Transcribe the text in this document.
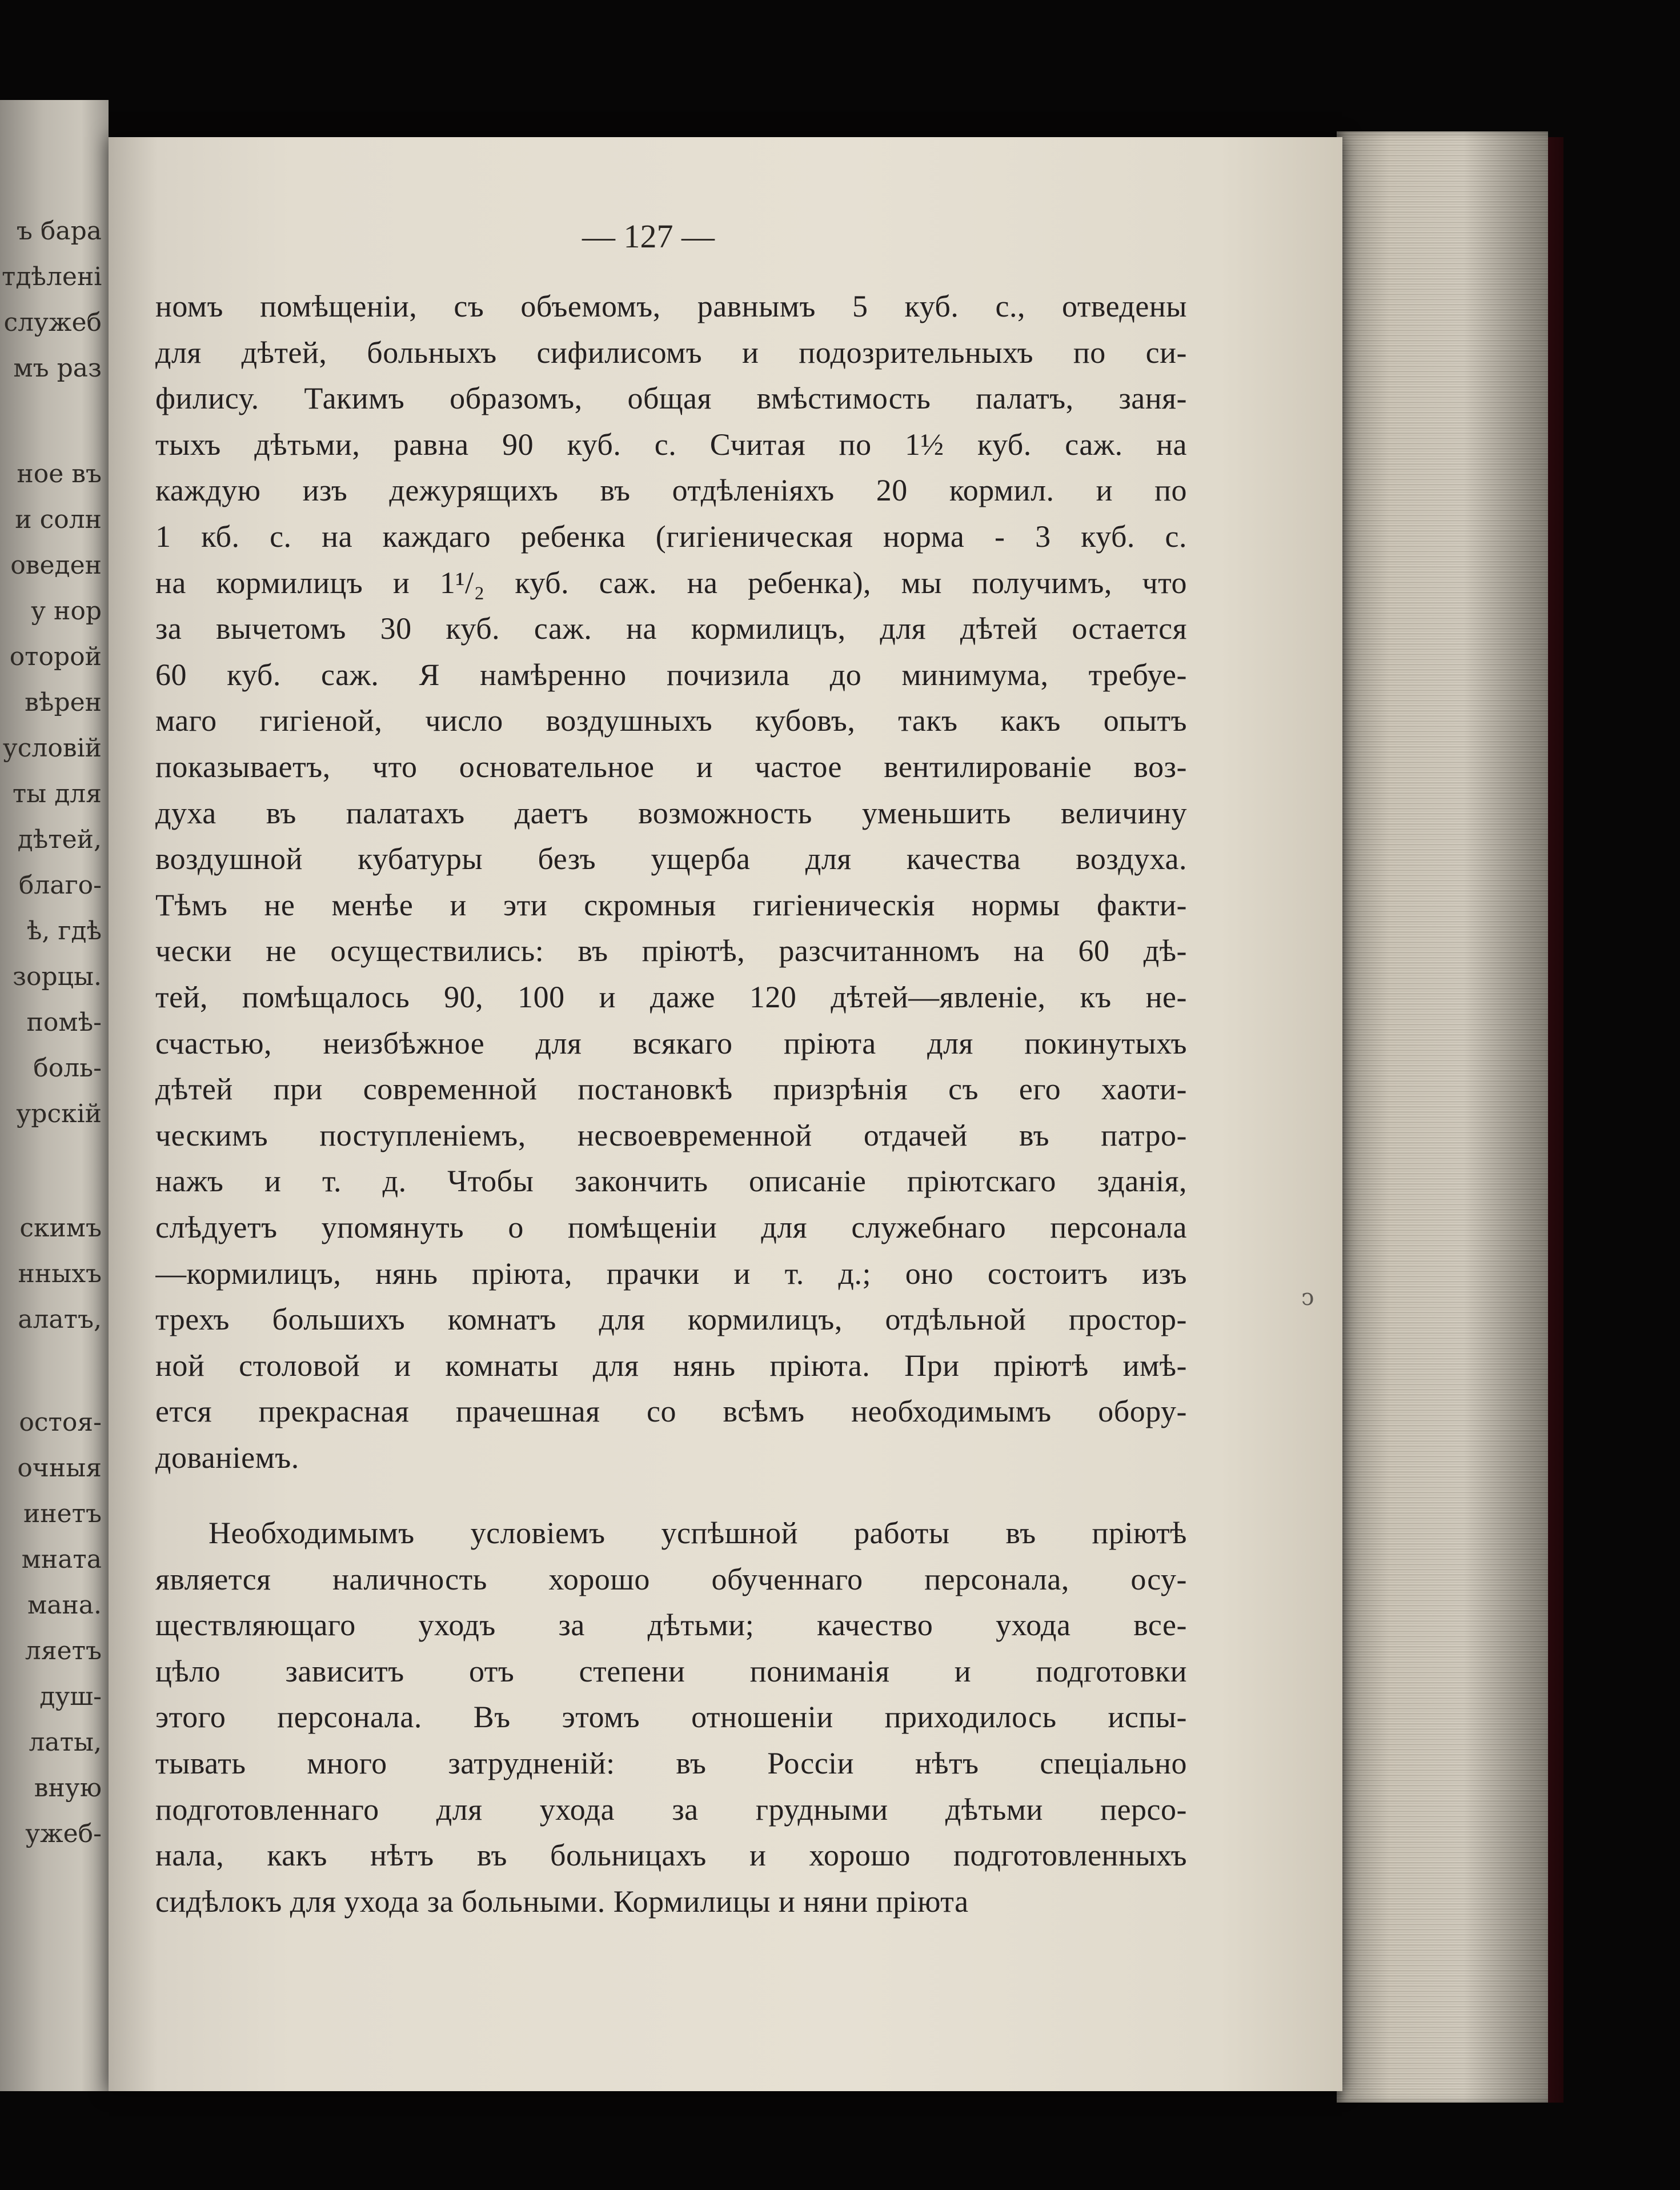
ъ бара
тдѣлені
служеб
мъ раз
ное въ
и солн
оведен
у нор
оторой
вѣрен
условій
ты для
дѣтей,
благо-
ѣ, гдѣ
зорцы.
помѣ-
боль-
урскій
скимъ
нныхъ
алатъ,
остоя-
очныя
инетъ
мната
мана.
ляетъ
душ-
латы,
вную
ужеб-
— 127 —
номъ помѣщеніи, съ объемомъ, равнымъ 5 куб. с., отведены
для дѣтей, больныхъ сифилисомъ и подозрительныхъ по си-
филису. Такимъ образомъ, общая вмѣстимость палатъ, заня-
тыхъ дѣтьми, равна 90 куб. с. Считая по 1½ куб. саж. на
каждую изъ дежурящихъ въ отдѣленіяхъ 20 кормил. и по
1 кб. с. на каждаго ребенка (гигіеническая норма - 3 куб. с.
на кормилицъ и 1¹/₂ куб. саж. на ребенка), мы получимъ, что
за вычетомъ 30 куб. саж. на кормилицъ, для дѣтей остается
60 куб. саж. Я намѣренно почизила до минимума, требуе-
маго гигіеной, число воздушныхъ кубовъ, такъ какъ опытъ
показываетъ, что основательное и частое вентилированіе воз-
духа въ палатахъ даетъ возможность уменьшить величину
воздушной кубатуры безъ ущерба для качества воздуха.
Тѣмъ не менѣе и эти скромныя гигіеническія нормы факти-
чески не осуществились: въ пріютѣ, разсчитанномъ на 60 дѣ-
тей, помѣщалось 90, 100 и даже 120 дѣтей—явленіе, къ не-
счастью, неизбѣжное для всякаго пріюта для покинутыхъ
дѣтей при современной постановкѣ призрѣнія съ его хаоти-
ческимъ поступленіемъ, несвоевременной отдачей въ патро-
нажъ и т. д. Чтобы закончить описаніе пріютскаго зданія,
слѣдуетъ упомянуть о помѣщеніи для служебнаго персонала
—кормилицъ, нянь пріюта, прачки и т. д.; оно состоитъ изъ
трехъ большихъ комнатъ для кормилицъ, отдѣльной простор-
ной столовой и комнаты для нянь пріюта. При пріютѣ имѣ-
ется прекрасная прачешная со всѣмъ необходимымъ обору-
дованіемъ.
Необходимымъ условіемъ успѣшной работы въ пріютѣ
является наличность хорошо обученнаго персонала, осу-
ществляющаго уходъ за дѣтьми; качество ухода все-
цѣло зависитъ отъ степени пониманія и подготовки
этого персонала. Въ этомъ отношеніи приходилось испы-
тывать много затрудненій: въ Россіи нѣтъ спеціально
подготовленнаго для ухода за грудными дѣтьми персо-
нала, какъ нѣтъ въ больницахъ и хорошо подготовленныхъ
сидѣлокъ для ухода за больными. Кормилицы и няни пріюта
ↄ
